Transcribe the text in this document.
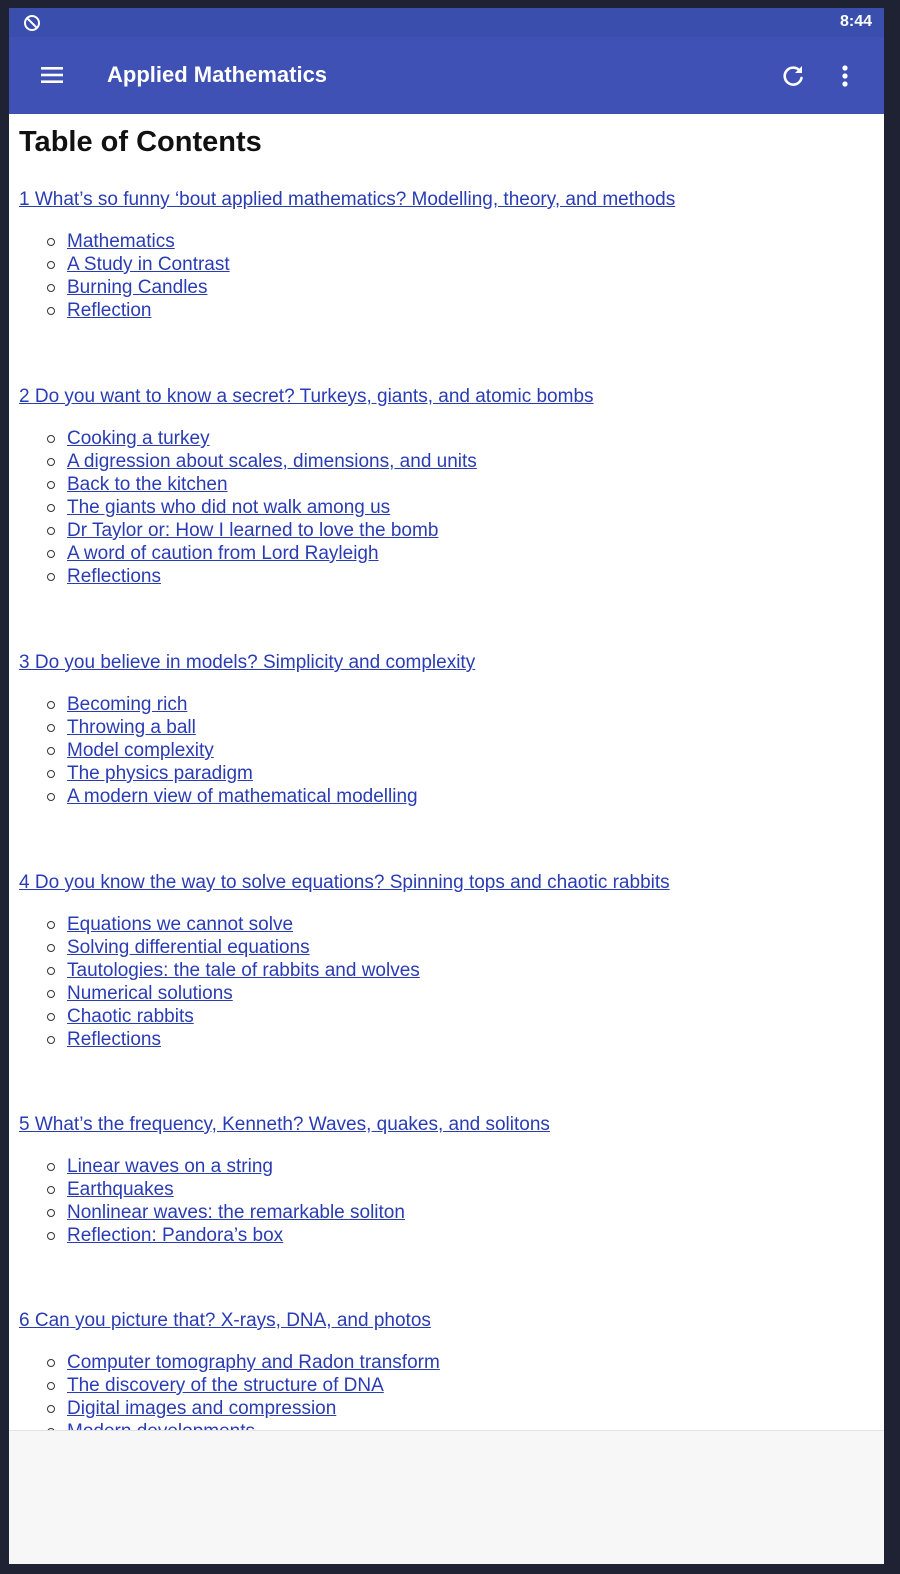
8:44
Applied Mathematics
Table of Contents
1 What’s so funny ‘bout applied mathematics? Modelling, theory, and methods
Mathematics
A Study in Contrast
Burning Candles
Reflection
2 Do you want to know a secret? Turkeys, giants, and atomic bombs
Cooking a turkey
A digression about scales, dimensions, and units
Back to the kitchen
The giants who did not walk among us
Dr Taylor or: How I learned to love the bomb
A word of caution from Lord Rayleigh
Reflections
3 Do you believe in models? Simplicity and complexity
Becoming rich
Throwing a ball
Model complexity
The physics paradigm
A modern view of mathematical modelling
4 Do you know the way to solve equations? Spinning tops and chaotic rabbits
Equations we cannot solve
Solving differential equations
Tautologies: the tale of rabbits and wolves
Numerical solutions
Chaotic rabbits
Reflections
5 What’s the frequency, Kenneth? Waves, quakes, and solitons
Linear waves on a string
Earthquakes
Nonlinear waves: the remarkable soliton
Reflection: Pandora’s box
6 Can you picture that? X-rays, DNA, and photos
Computer tomography and Radon transform
The discovery of the structure of DNA
Digital images and compression
